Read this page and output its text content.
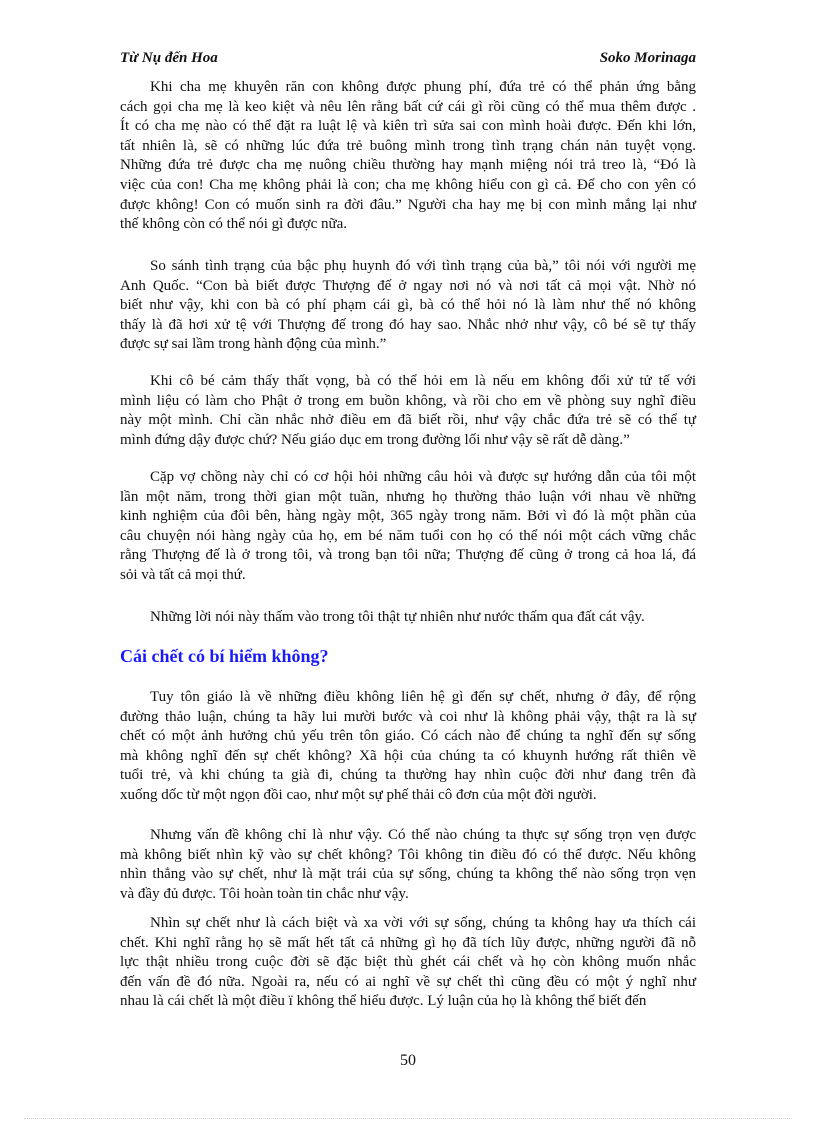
Từ Nụ đến Hoa	Soko Morinaga
Khi cha mẹ khuyên răn con không được phung phí, đứa trẻ có thể phản ứng bằng
cách gọi cha mẹ là keo kiệt và nêu lên rằng bất cứ cái gì rồi cũng có thể mua thêm được .
Ít có cha mẹ nào có thể đặt ra luật lệ và kiên trì sửa sai con mình hoài được. Đến khi lớn,
tất nhiên là, sẽ có những lúc đứa trẻ buông mình trong tình trạng chán nản tuyệt vọng.
Những đứa trẻ được cha mẹ nuông chiều thường hay mạnh miệng nói trả treo là, “Đó là
việc của con! Cha mẹ không phải là con; cha mẹ không hiểu con gì cả. Để cho con yên có
được không! Con có muốn sinh ra đời đâu.” Người cha hay mẹ bị con mình mắng lại như
thế không còn có thể nói gì được nữa.
So sánh tình trạng của bậc phụ huynh đó với tình trạng của bà,” tôi nói với người mẹ
Anh Quốc. “Con bà biết được Thượng đế ở ngay nơi nó và nơi tất cả mọi vật. Nhờ nó
biết như vậy, khi con bà có phí phạm cái gì, bà có thể hỏi nó là làm như thế nó không
thấy là đã hơi xử tệ với Thượng đế trong đó hay sao. Nhắc nhở như vậy, cô bé sẽ tự thấy
được sự sai lầm trong hành động của mình.”
Khi cô bé cảm thấy thất vọng, bà có thể hỏi em là nếu em không đối xử tử tế với
mình liệu có làm cho Phật ở trong em buồn không, và rồi cho em về phòng suy nghĩ điều
này một mình. Chỉ cần nhắc nhở điều em đã biết rồi, như vậy chắc đứa trẻ sẽ có thể tự
mình đứng dậy được chứ? Nếu giáo dục em trong đường lối như vậy sẽ rất dễ dàng.”
Cặp vợ chồng này chỉ có cơ hội hỏi những câu hỏi và được sự hướng dẫn của tôi một
lần một năm, trong thời gian một tuần, nhưng họ thường thảo luận với nhau về những
kinh nghiệm của đôi bên, hàng ngày một, 365 ngày trong năm. Bởi vì đó là một phần của
câu chuyện nói hàng ngày của họ, em bé năm tuổi con họ có thể nói một cách vững chắc
rằng Thượng đế là ở trong tôi, và trong bạn tôi nữa; Thượng đế cũng ở trong cả hoa lá, đá
sỏi và tất cả mọi thứ.
Những lời nói này thấm vào trong tôi thật tự nhiên như nước thấm qua đất cát vậy.
Cái chết có bí hiểm không?
Tuy tôn giáo là về những điều không liên hệ gì đến sự chết, nhưng ở đây, để rộng
đường thảo luận, chúng ta hãy lui mười bước và coi như là không phải vậy, thật ra là sự
chết có một ảnh hưởng chủ yếu trên tôn giáo. Có cách nào để chúng ta nghĩ đến sự sống
mà không nghĩ đến sự chết không? Xã hội của chúng ta có khuynh hướng rất thiên về
tuổi trẻ, và khi chúng ta già đi, chúng ta thường hay nhìn cuộc đời như đang trên đà
xuống dốc từ một ngọn đồi cao, như một sự phế thải cô đơn của một đời người.
Nhưng vấn đề không chỉ là như vậy. Có thể nào chúng ta thực sự sống trọn vẹn được
mà không biết nhìn kỹ vào sự chết không? Tôi không tin điều đó có thể được. Nếu không
nhìn thẳng vào sự chết, như là mặt trái của sự sống, chúng ta không thể nào sống trọn vẹn
và đầy đủ được. Tôi hoàn toàn tin chắc như vậy.
Nhìn sự chết như là cách biệt và xa vời với sự sống, chúng ta không hay ưa thích cái
chết. Khi nghĩ rằng họ sẽ mất hết tất cả những gì họ đã tích lũy được, những người đã nỗ
lực thật nhiều trong cuộc đời sẽ đặc biệt thù ghét cái chết và họ còn không muốn nhắc
đến vấn đề đó nữa. Ngoài ra, nếu có ai nghĩ về sự chết thì cũng đều có một ý nghĩ như
nhau là cái chết là một điều ï không thể hiểu được. Lý luận của họ là không thể biết đến
50
